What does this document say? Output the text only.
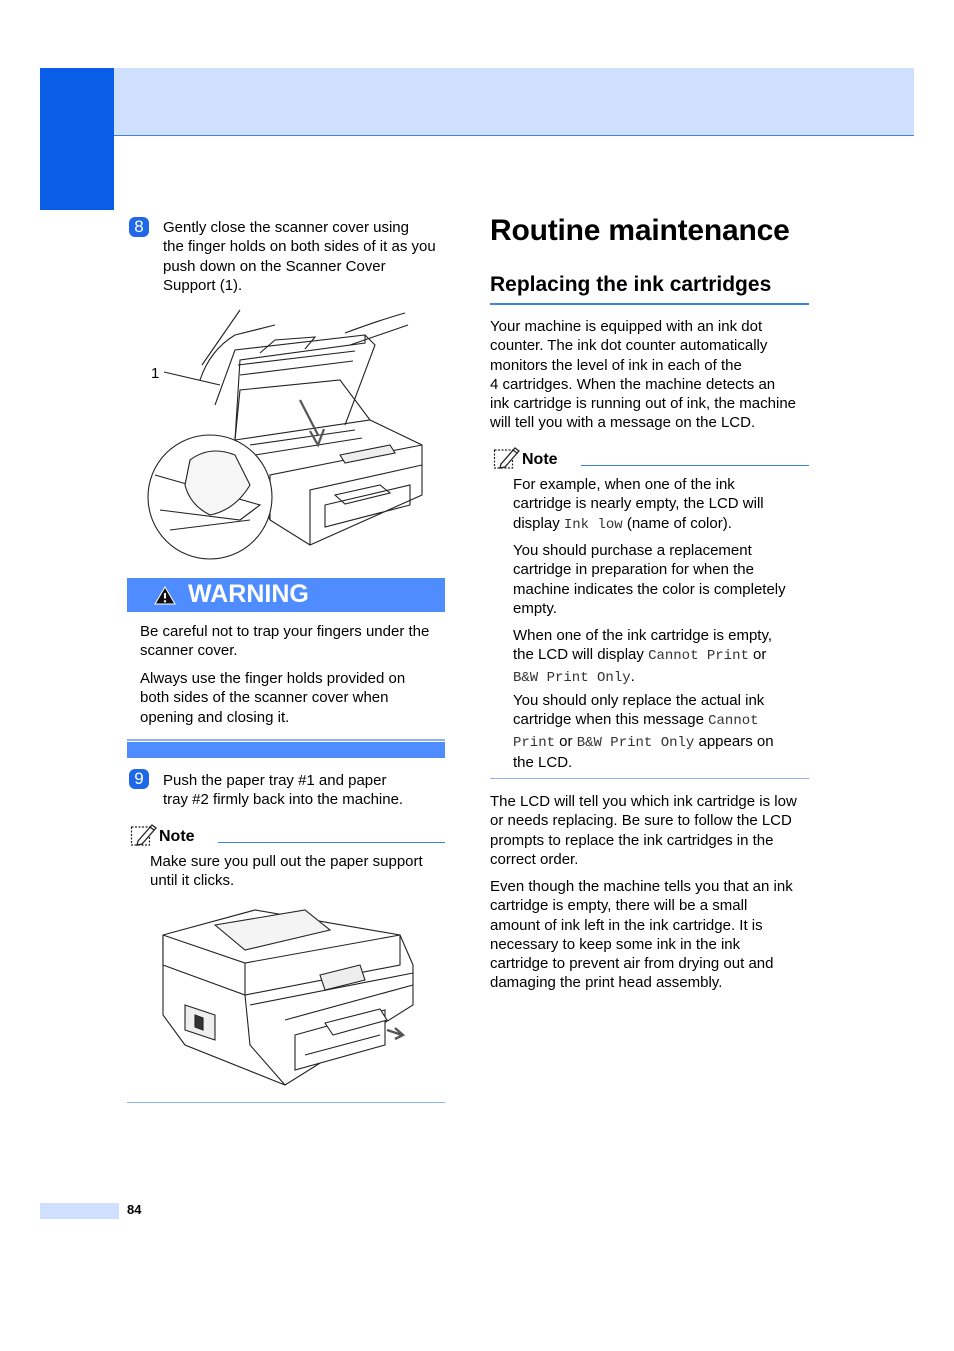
8	Gently close the scanner cover using
the finger holds on both sides of it as you
push down on the Scanner Cover
Support (1).
1
WARNING
Be careful not to trap your fingers under the
scanner cover.
Always use the finger holds provided on
both sides of the scanner cover when
opening and closing it.
9	Push the paper tray #1 and paper
tray #2 firmly back into the machine.
Note
Make sure you pull out the paper support
until it clicks.
Routine maintenance
Replacing the ink cartridges
Your machine is equipped with an ink dot
counter. The ink dot counter automatically
monitors the level of ink in each of the
4 cartridges. When the machine detects an
ink cartridge is running out of ink, the machine
will tell you with a message on the LCD.
Note
For example, when one of the ink
cartridge is nearly empty, the LCD will
display Ink low (name of color).
You should purchase a replacement
cartridge in preparation for when the
machine indicates the color is completely
empty.
When one of the ink cartridge is empty,
the LCD will display Cannot Print or
B&W Print Only.
You should only replace the actual ink
cartridge when this message Cannot
Print or B&W Print Only appears on
the LCD.
The LCD will tell you which ink cartridge is low
or needs replacing. Be sure to follow the LCD
prompts to replace the ink cartridges in the
correct order.
Even though the machine tells you that an ink
cartridge is empty, there will be a small
amount of ink left in the ink cartridge. It is
necessary to keep some ink in the ink
cartridge to prevent air from drying out and
damaging the print head assembly.
84
